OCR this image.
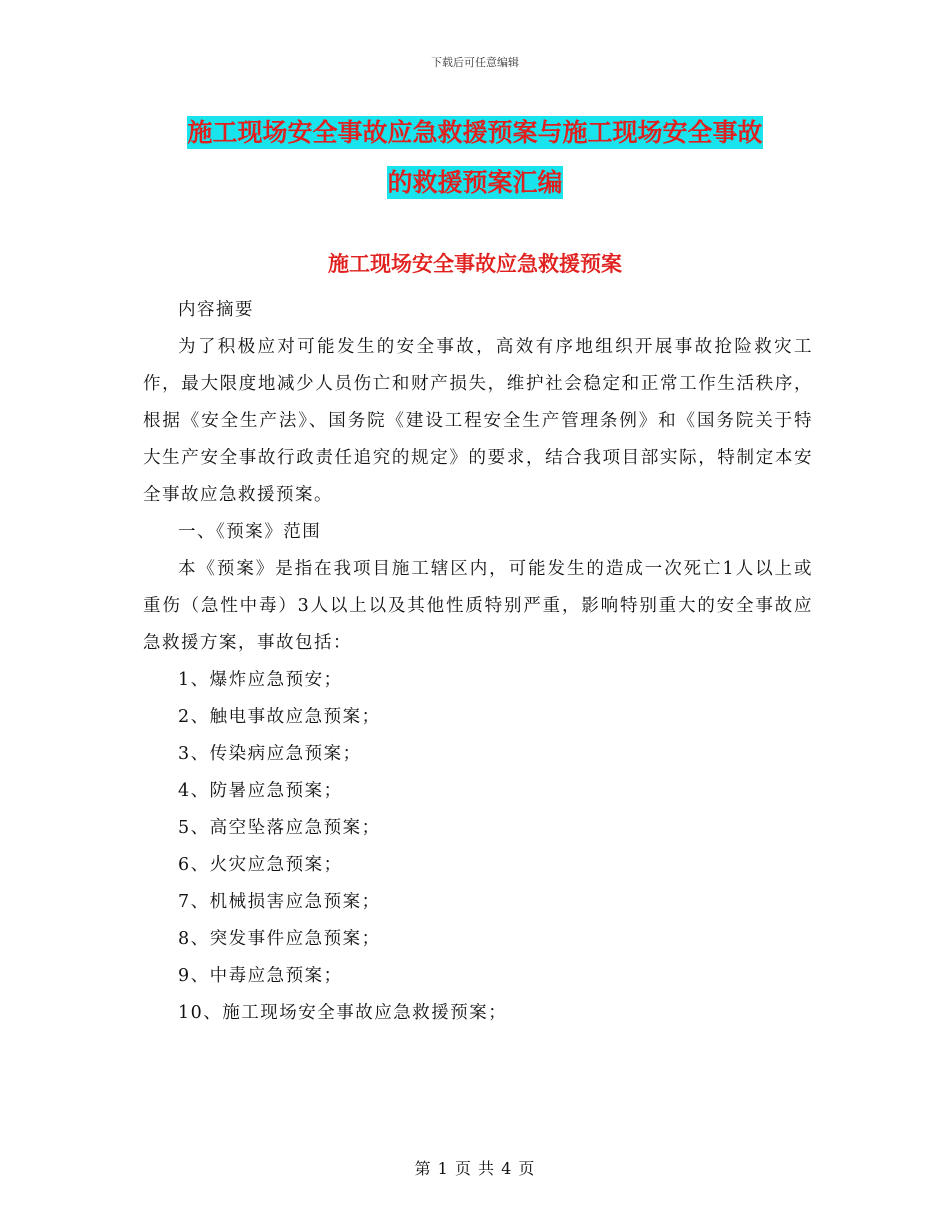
下载后可任意编辑
施工现场安全事故应急救援预案与施工现场安全事故
的救援预案汇编
施工现场安全事故应急救援预案

内容摘要

为了积极应对可能发生的安全事故，高效有序地组织开展事故抢险救灾工作，最大限度地减少人员伤亡和财产损失，维护社会稳定和正常工作生活秩序，根据《安全生产法》、国务院《建设工程安全生产管理条例》和《国务院关于特大生产安全事故行政责任追究的规定》的要求，结合我项目部实际，特制定本安全事故应急救援预案。

一、《预案》范围

本《预案》是指在我项目施工辖区内，可能发生的造成一次死亡1人以上或重伤（急性中毒）3人以上以及其他性质特别严重，影响特别重大的安全事故应急救援方案，事故包括：

1、爆炸应急预安；

2、触电事故应急预案；

3、传染病应急预案；

4、防暑应急预案；

5、高空坠落应急预案；

6、火灾应急预案；

7、机械损害应急预案；

8、突发事件应急预案；

9、中毒应急预案；

10、施工现场安全事故应急救援预案；

第 1 页 共 4 页
